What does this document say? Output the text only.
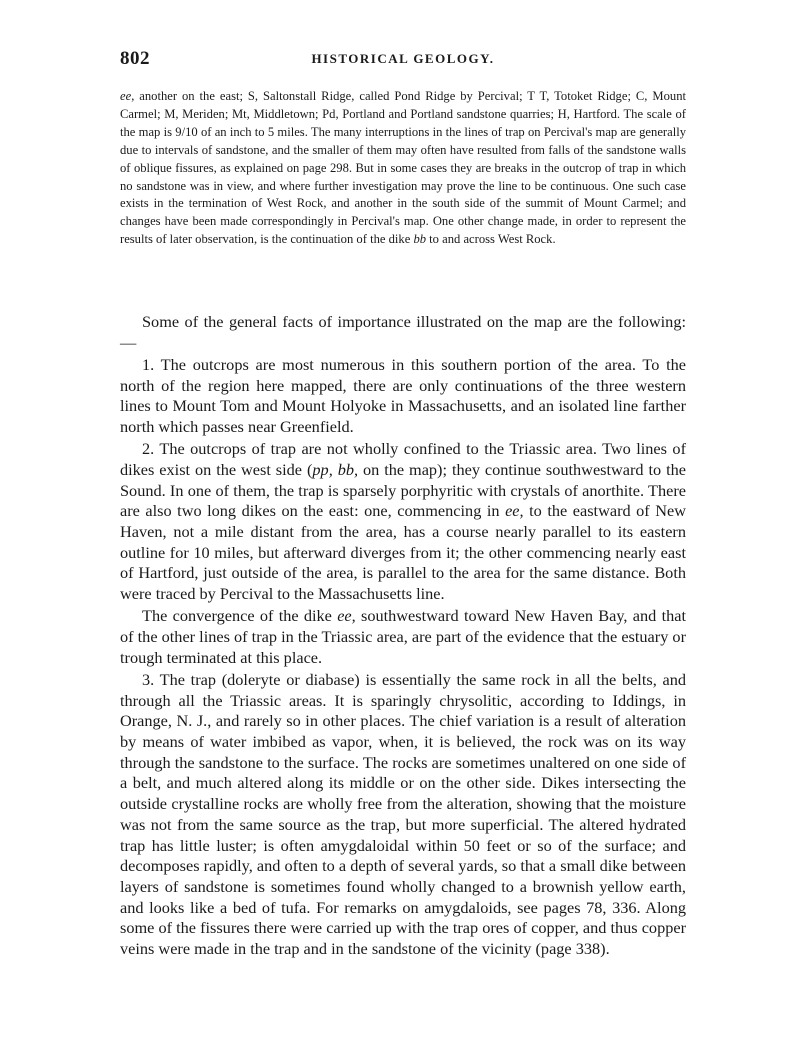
802	HISTORICAL GEOLOGY.

ee, another on the east; S, Saltonstall Ridge, called Pond Ridge by Percival; T T, Totoket Ridge; C, Mount Carmel; M, Meriden; Mt, Middletown; Pd, Portland and Portland sandstone quarries; H, Hartford. The scale of the map is 9/10 of an inch to 5 miles. The many interruptions in the lines of trap on Percival's map are generally due to intervals of sandstone, and the smaller of them may often have resulted from falls of the sandstone walls of oblique fissures, as explained on page 298. But in some cases they are breaks in the outcrop of trap in which no sandstone was in view, and where further investigation may prove the line to be continuous. One such case exists in the termination of West Rock, and another in the south side of the summit of Mount Carmel; and changes have been made correspondingly in Percival's map. One other change made, in order to represent the results of later observation, is the continuation of the dike bb to and across West Rock.

Some of the general facts of importance illustrated on the map are the following: —

1. The outcrops are most numerous in this southern portion of the area. To the north of the region here mapped, there are only continuations of the three western lines to Mount Tom and Mount Holyoke in Massachusetts, and an isolated line farther north which passes near Greenfield.

2. The outcrops of trap are not wholly confined to the Triassic area. Two lines of dikes exist on the west side (pp, bb, on the map); they continue southwestward to the Sound. In one of them, the trap is sparsely porphyritic with crystals of anorthite. There are also two long dikes on the east: one, commencing in ee, to the eastward of New Haven, not a mile distant from the area, has a course nearly parallel to its eastern outline for 10 miles, but afterward diverges from it; the other commencing nearly east of Hartford, just outside of the area, is parallel to the area for the same distance. Both were traced by Percival to the Massachusetts line.

The convergence of the dike ee, southwestward toward New Haven Bay, and that of the other lines of trap in the Triassic area, are part of the evidence that the estuary or trough terminated at this place.

3. The trap (doleryte or diabase) is essentially the same rock in all the belts, and through all the Triassic areas. It is sparingly chrysolitic, according to Iddings, in Orange, N. J., and rarely so in other places. The chief variation is a result of alteration by means of water imbibed as vapor, when, it is believed, the rock was on its way through the sandstone to the surface. The rocks are sometimes unaltered on one side of a belt, and much altered along its middle or on the other side. Dikes intersecting the outside crystalline rocks are wholly free from the alteration, showing that the moisture was not from the same source as the trap, but more superficial. The altered hydrated trap has little luster; is often amygdaloidal within 50 feet or so of the surface; and decomposes rapidly, and often to a depth of several yards, so that a small dike between layers of sandstone is sometimes found wholly changed to a brownish yellow earth, and looks like a bed of tufa. For remarks on amygdaloids, see pages 78, 336. Along some of the fissures there were carried up with the trap ores of copper, and thus copper veins were made in the trap and in the sandstone of the vicinity (page 338).
